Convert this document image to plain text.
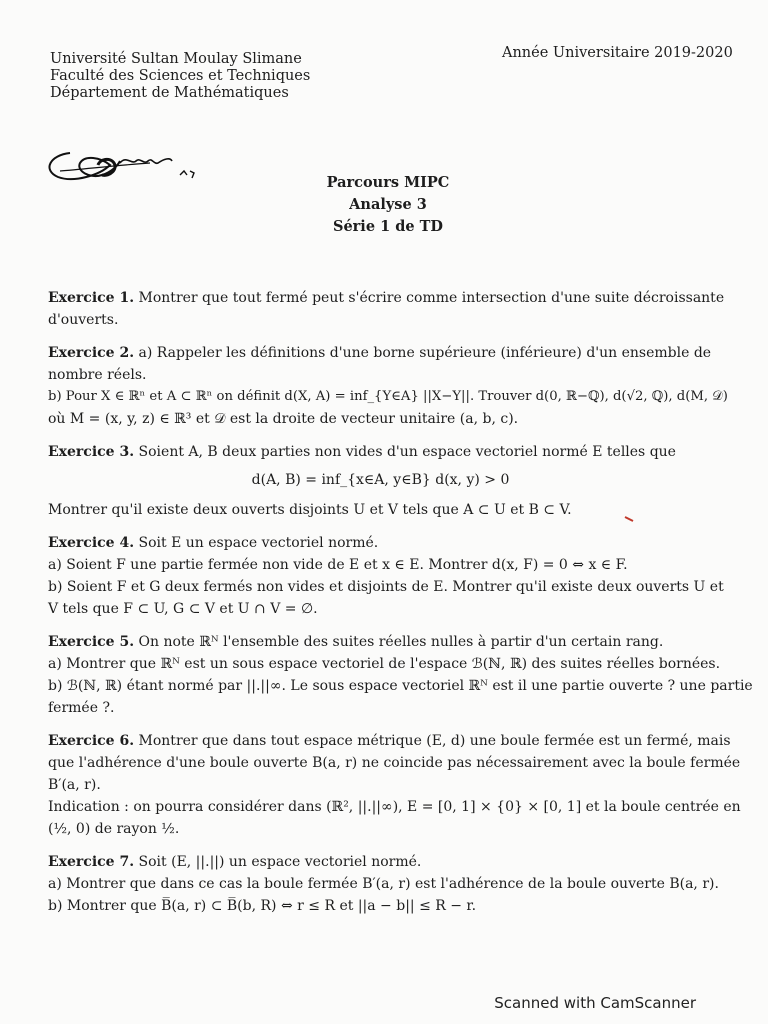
Université Sultan Moulay Slimane
Faculté des Sciences et Techniques
Département de Mathématiques
Année Universitaire 2019-2020
Parcours MIPC
Analyse 3
Série 1 de TD
Exercice 1. Montrer que tout fermé peut s'écrire comme intersection d'une suite décroissante
d'ouverts.
Exercice 2. a) Rappeler les définitions d'une borne supérieure (inférieure) d'un ensemble de
nombre réels.
b) Pour X ∈ ℝⁿ et A ⊂ ℝⁿ on définit d(X, A) = inf_{Y∈A} ||X−Y||. Trouver d(0, ℝ−ℚ), d(√2, ℚ), d(M, 𝒟)
où M = (x, y, z) ∈ ℝ³ et 𝒟 est la droite de vecteur unitaire (a, b, c).
Exercice 3. Soient A, B deux parties non vides d'un espace vectoriel normé E telles que
d(A, B) = inf_{x∈A, y∈B} d(x, y) > 0
Montrer qu'il existe deux ouverts disjoints U et V tels que A ⊂ U et B ⊂ V.
Exercice 4. Soit E un espace vectoriel normé.
a) Soient F une partie fermée non vide de E et x ∈ E. Montrer d(x, F) = 0 ⇔ x ∈ F.
b) Soient F et G deux fermés non vides et disjoints de E. Montrer qu'il existe deux ouverts U et
V tels que F ⊂ U, G ⊂ V et U ∩ V = ∅.
Exercice 5. On note ℝᴺ l'ensemble des suites réelles nulles à partir d'un certain rang.
a) Montrer que ℝᴺ est un sous espace vectoriel de l'espace ℬ(ℕ, ℝ) des suites réelles bornées.
b) ℬ(ℕ, ℝ) étant normé par ||.||∞. Le sous espace vectoriel ℝᴺ est il une partie ouverte ? une partie
fermée ?.
Exercice 6. Montrer que dans tout espace métrique (E, d) une boule fermée est un fermé, mais
que l'adhérence d'une boule ouverte B(a, r) ne coincide pas nécessairement avec la boule fermée
B′(a, r).
Indication : on pourra considérer dans (ℝ², ||.||∞), E = [0, 1] × {0} × [0, 1] et la boule centrée en
(½, 0) de rayon ½.
Exercice 7. Soit (E, ||.||) un espace vectoriel normé.
a) Montrer que dans ce cas la boule fermée B′(a, r) est l'adhérence de la boule ouverte B(a, r).
b) Montrer que B̅(a, r) ⊂ B̅(b, R) ⇔ r ≤ R et ||a − b|| ≤ R − r.
Scanned with CamScanner
